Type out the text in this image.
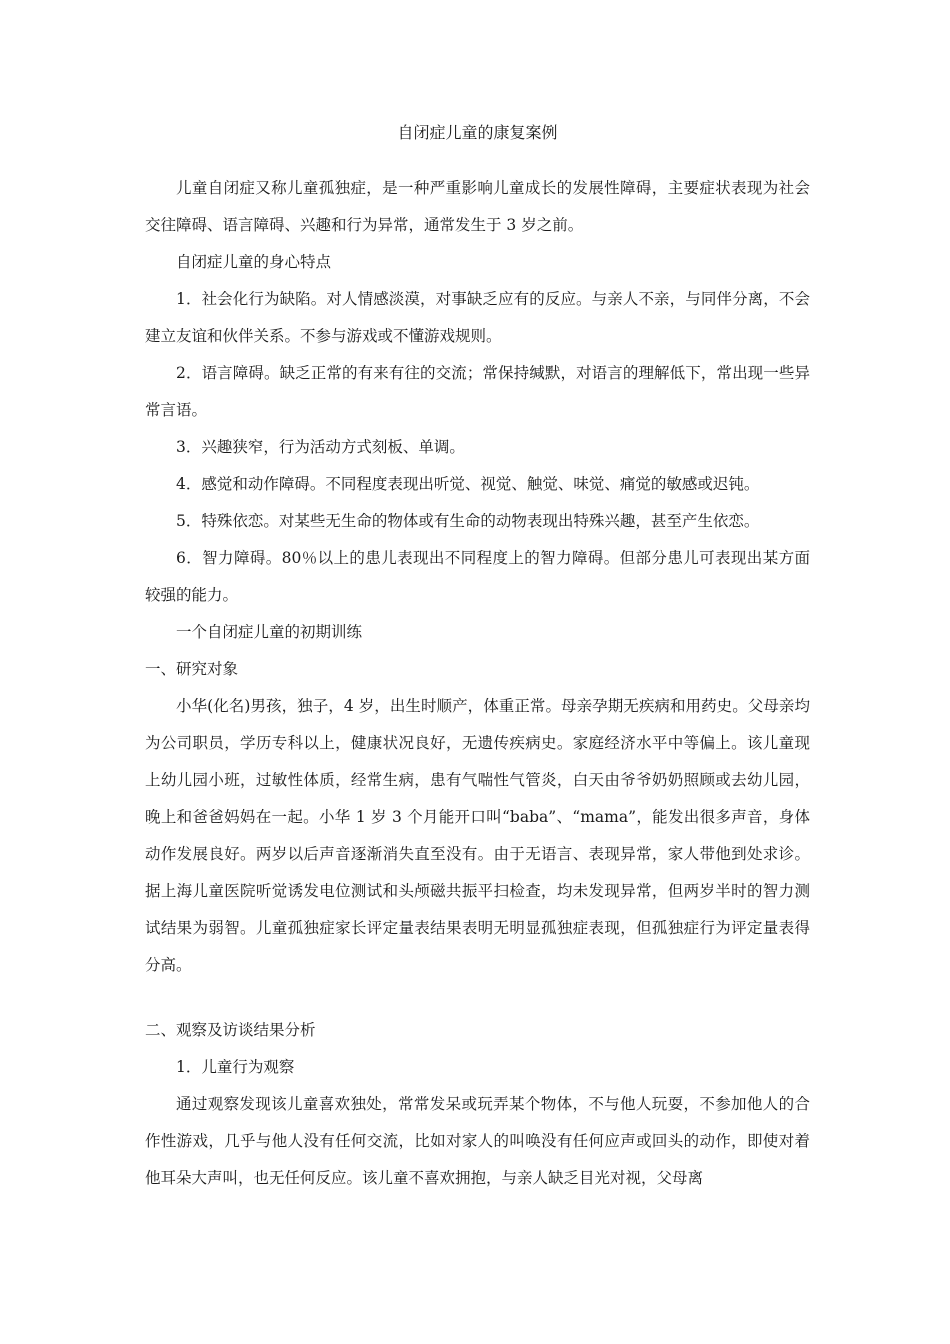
自闭症儿童的康复案例

儿童自闭症又称儿童孤独症，是一种严重影响儿童成长的发展性障碍，主要症状表现为社会交往障碍、语言障碍、兴趣和行为异常，通常发生于 3 岁之前。

自闭症儿童的身心特点

1．社会化行为缺陷。对人情感淡漠，对事缺乏应有的反应。与亲人不亲，与同伴分离，不会建立友谊和伙伴关系。不参与游戏或不懂游戏规则。

2．语言障碍。缺乏正常的有来有往的交流；常保持缄默，对语言的理解低下，常出现一些异常言语。

3．兴趣狭窄，行为活动方式刻板、单调。

4．感觉和动作障碍。不同程度表现出听觉、视觉、触觉、味觉、痛觉的敏感或迟钝。

5．特殊依恋。对某些无生命的物体或有生命的动物表现出特殊兴趣，甚至产生依恋。

6．智力障碍。80％以上的患儿表现出不同程度上的智力障碍。但部分患儿可表现出某方面较强的能力。

一个自闭症儿童的初期训练

一、研究对象

小华(化名)男孩，独子，4 岁，出生时顺产，体重正常。母亲孕期无疾病和用药史。父母亲均为公司职员，学历专科以上，健康状况良好，无遗传疾病史。家庭经济水平中等偏上。该儿童现上幼儿园小班，过敏性体质，经常生病，患有气喘性气管炎，白天由爷爷奶奶照顾或去幼儿园，晚上和爸爸妈妈在一起。小华 1 岁 3 个月能开口叫“baba”、“mama”，能发出很多声音，身体动作发展良好。两岁以后声音逐渐消失直至没有。由于无语言、表现异常，家人带他到处求诊。据上海儿童医院听觉诱发电位测试和头颅磁共振平扫检查，均未发现异常，但两岁半时的智力测试结果为弱智。儿童孤独症家长评定量表结果表明无明显孤独症表现，但孤独症行为评定量表得分高。

二、观察及访谈结果分析

1．儿童行为观察

通过观察发现该儿童喜欢独处，常常发呆或玩弄某个物体，不与他人玩耍，不参加他人的合作性游戏，几乎与他人没有任何交流，比如对家人的叫唤没有任何应声或回头的动作，即使对着他耳朵大声叫，也无任何反应。该儿童不喜欢拥抱，与亲人缺乏目光对视，父母离
